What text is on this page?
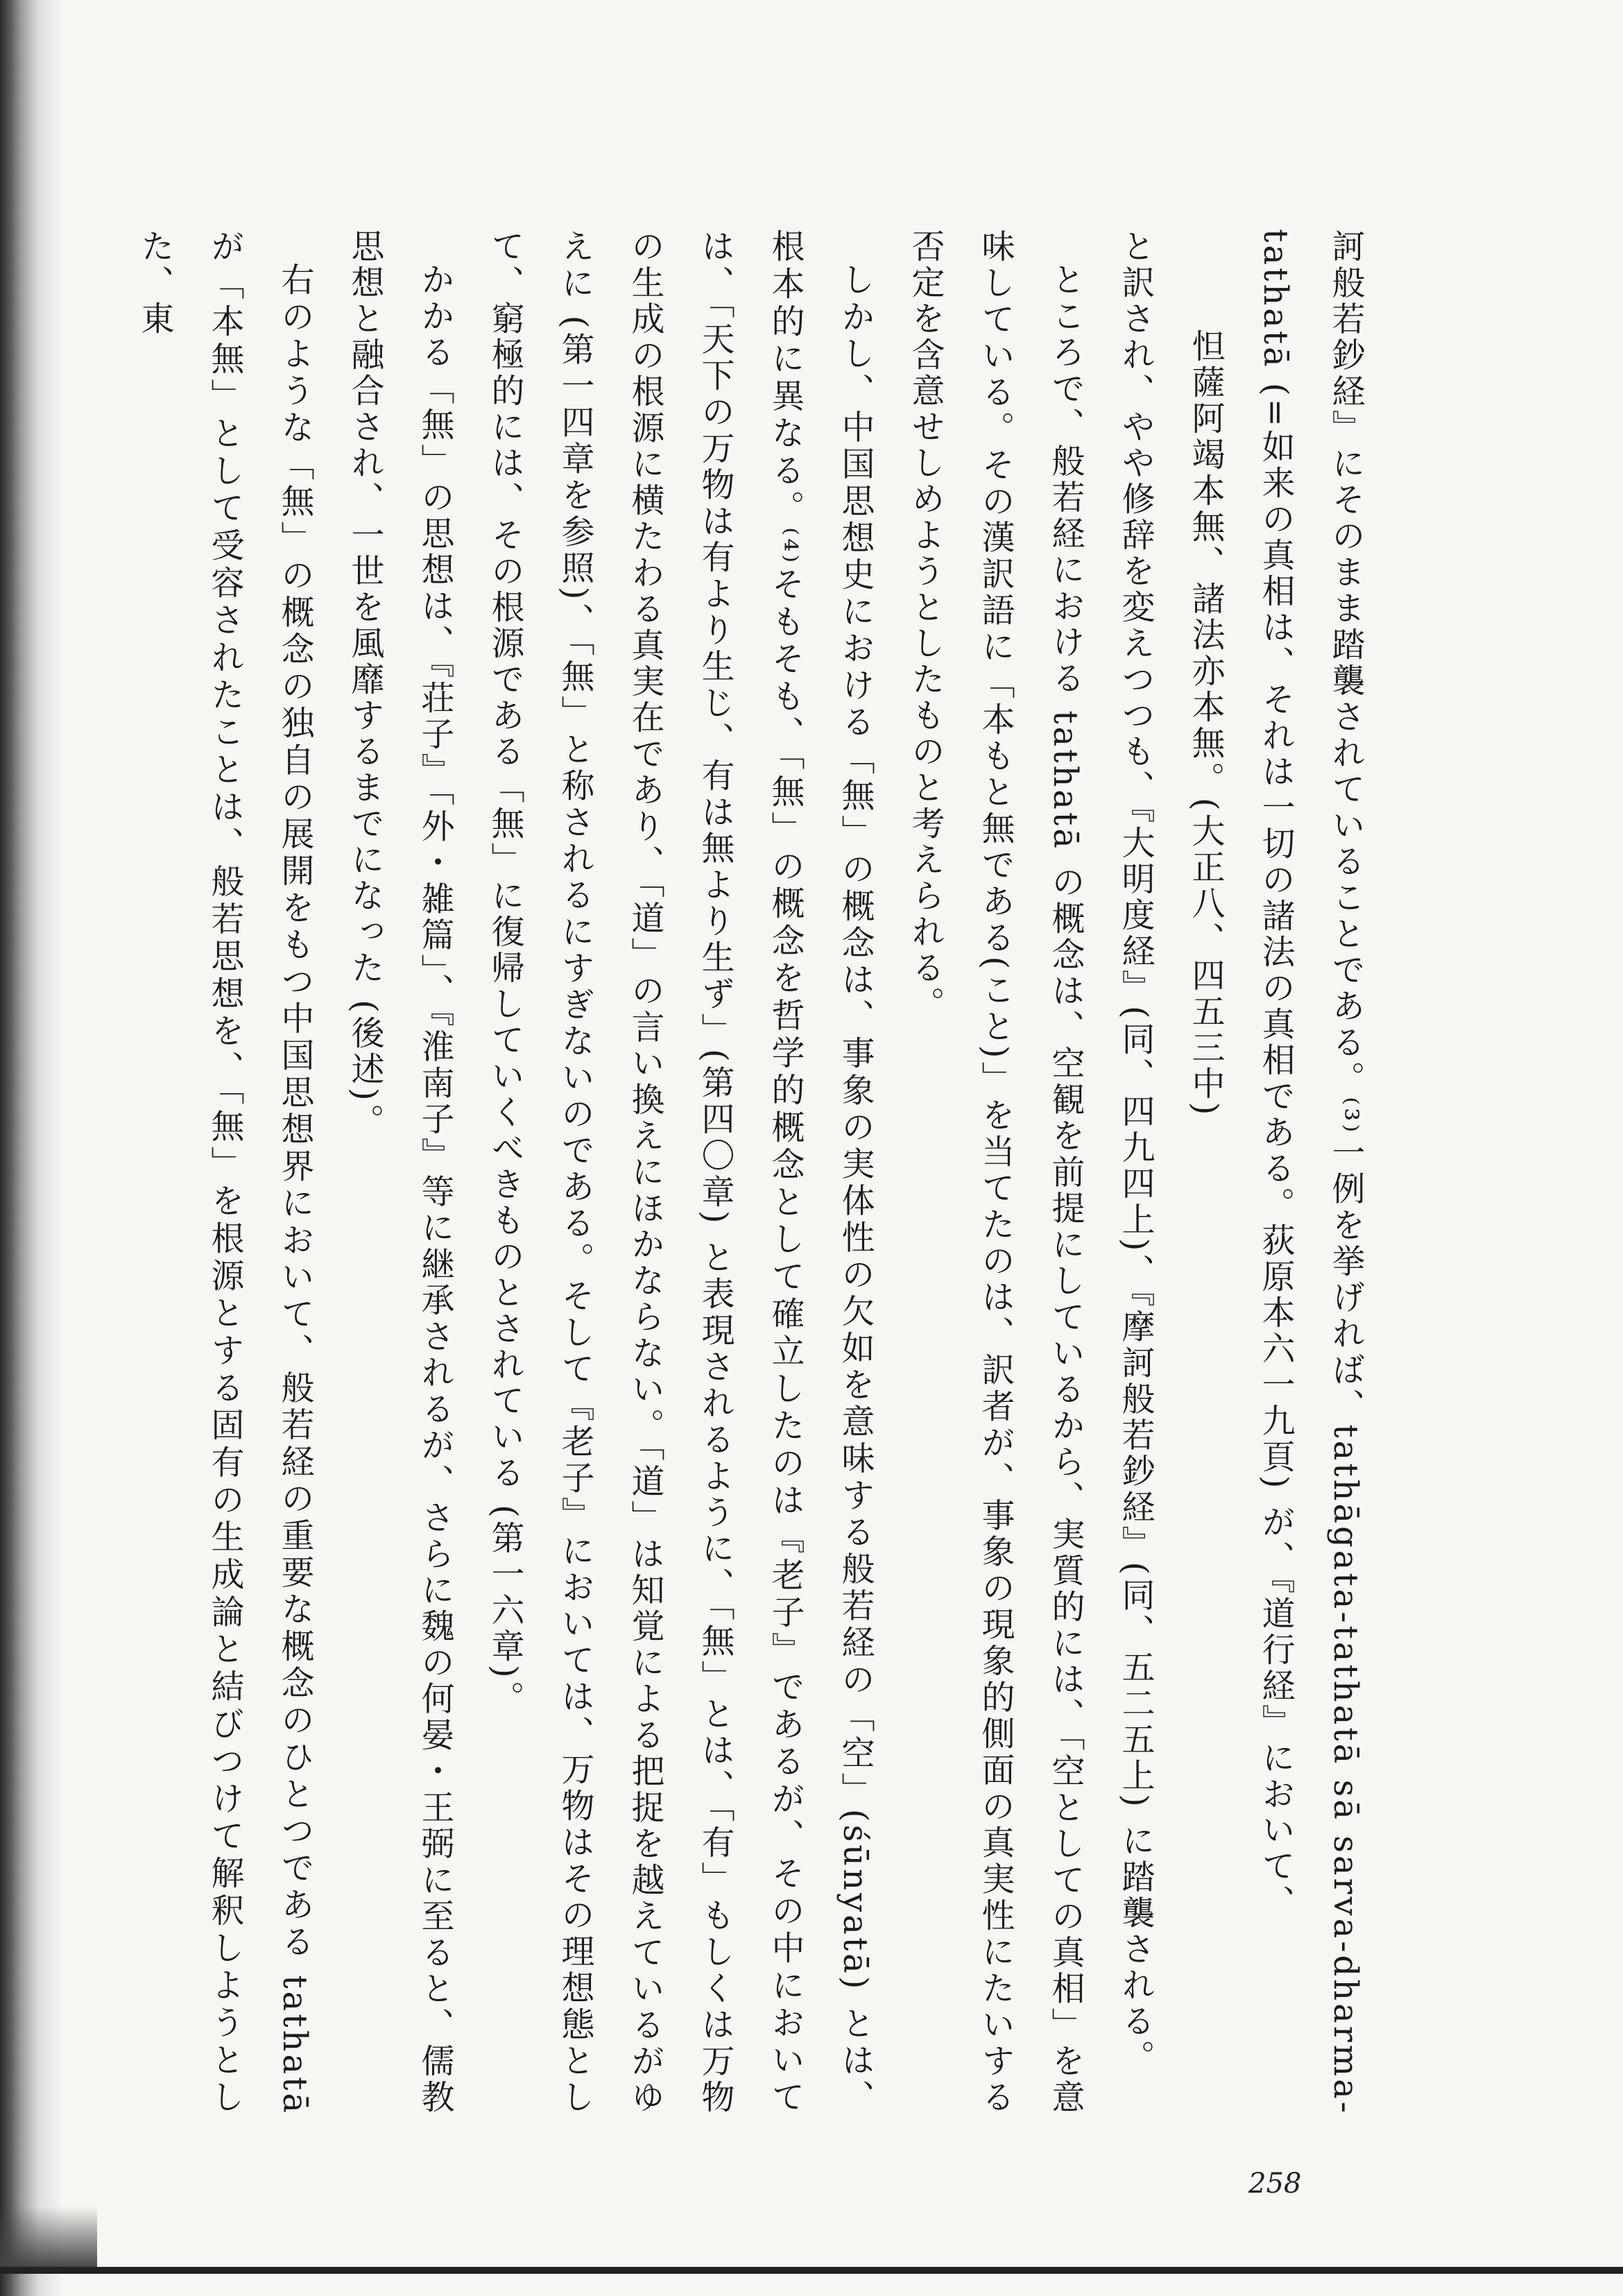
訶般若鈔経』にそのまま踏襲されていることである。⁽³⁾一例を挙げれば、tathāgata-tathatā sā sarva-dharma-tathatā (=如来の真相は、それは一切の諸法の真相である。荻原本六一九頁) が、『道行経』において、

怛薩阿竭本無、諸法亦本無。(大正八、四五三中)

と訳され、やや修辞を変えつつも、『大明度経』(同、四九四上)、『摩訶般若鈔経』(同、五二五上) に踏襲される。

ところで、般若経における tathatā の概念は、空観を前提にしているから、実質的には、「空としての真相」を意味している。その漢訳語に「本もと無である(こと)」を当てたのは、訳者が、事象の現象的側面の真実性にたいする否定を含意せしめようとしたものと考えられる。

しかし、中国思想史における「無」の概念は、事象の実体性の欠如を意味する般若経の「空」(śūnyatā) とは、根本的に異なる。⁽⁴⁾そもそも、「無」の概念を哲学的概念として確立したのは『老子』であるが、その中においては、「天下の万物は有より生じ、有は無より生ず」(第四〇章) と表現されるように、「無」とは、「有」もしくは万物の生成の根源に横たわる真実在であり、「道」の言い換えにほかならない。「道」は知覚による把捉を越えているがゆえに (第一四章を参照)、「無」と称されるにすぎないのである。そして『老子』においては、万物はその理想態として、窮極的には、その根源である「無」に復帰していくべきものとされている (第一六章)。

かかる「無」の思想は、『荘子』「外・雑篇」、『淮南子』等に継承されるが、さらに魏の何晏・王弼に至ると、儒教思想と融合され、一世を風靡するまでになった (後述)。

右のような「無」の概念の独自の展開をもつ中国思想界において、般若経の重要な概念のひとつである tathatā が「本無」として受容されたことは、般若思想を、「無」を根源とする固有の生成論と結びつけて解釈しようとした、東

258
